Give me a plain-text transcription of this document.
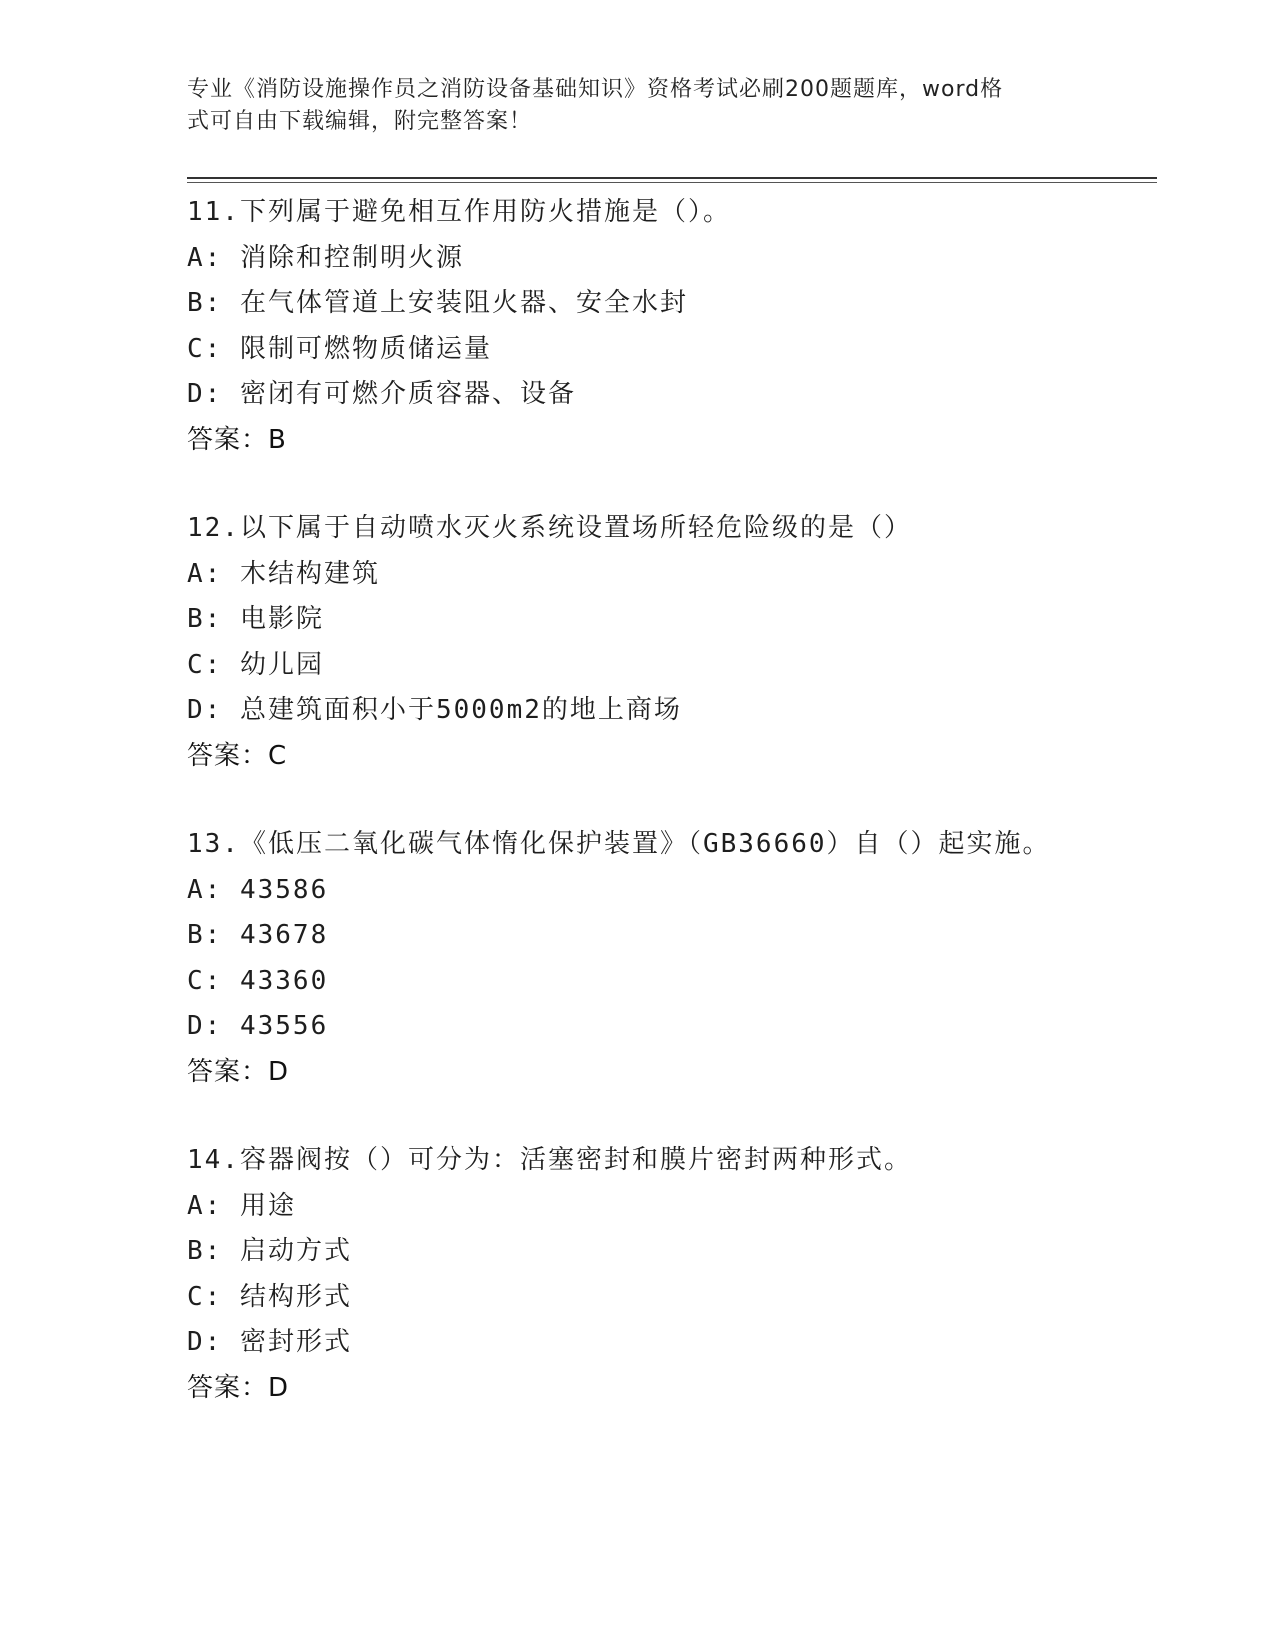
专业《消防设施操作员之消防设备基础知识》资格考试必刷200题题库，word格
式可自由下载编辑，附完整答案！
11.下列属于避免相互作用防火措施是（）。
A: 消除和控制明火源
B: 在气体管道上安装阻火器、安全水封
C: 限制可燃物质储运量
D: 密闭有可燃介质容器、设备
答案：B
12.以下属于自动喷水灭火系统设置场所轻危险级的是（）
A: 木结构建筑
B: 电影院
C: 幼儿园
D: 总建筑面积小于5000m2的地上商场
答案：C
13.《低压二氧化碳气体惰化保护装置》（GB36660）自（）起实施。
A: 43586
B: 43678
C: 43360
D: 43556
答案：D
14.容器阀按（）可分为：活塞密封和膜片密封两种形式。
A: 用途
B: 启动方式
C: 结构形式
D: 密封形式
答案：D
